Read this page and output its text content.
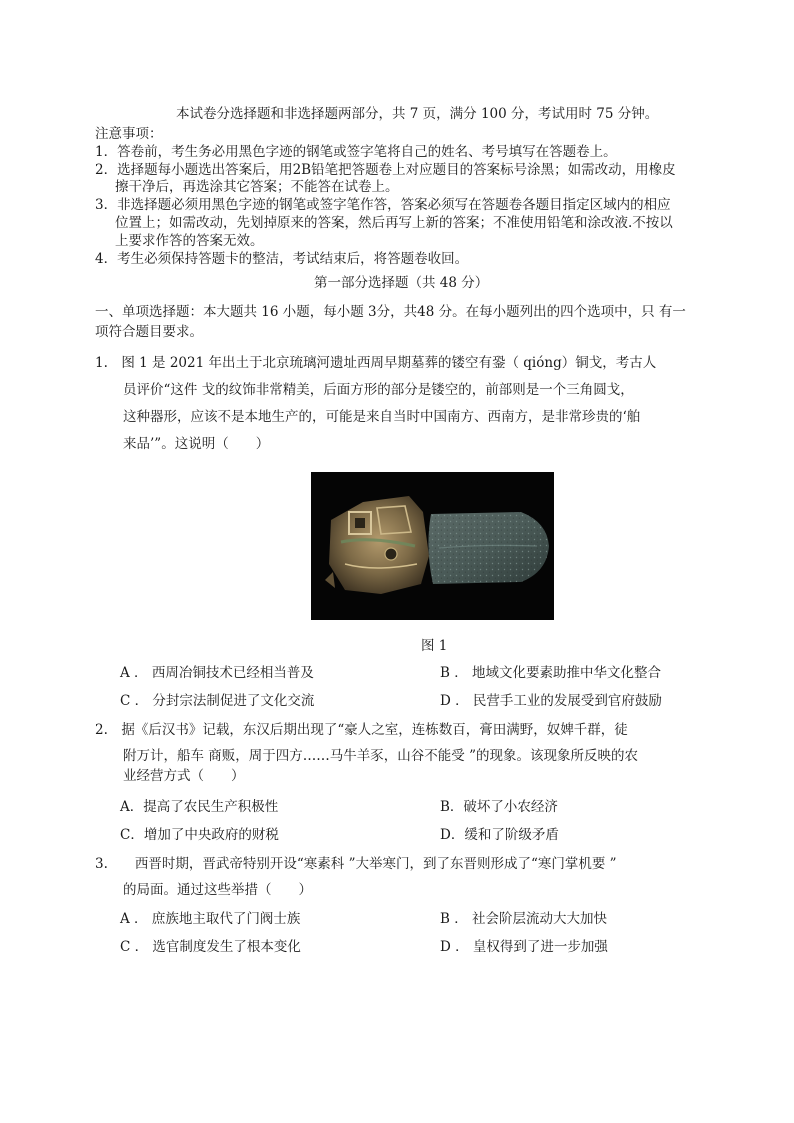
本试卷分选择题和非选择题两部分，共 7 页，满分 100 分，考试用时 75 分钟。
注意事项：
1．答卷前，考生务必用黑色字迹的钢笔或签字笔将自己的姓名、考号填写在答题卷上。
2．选择题每小题选出答案后，用2B铅笔把答题卷上对应题目的答案标号涂黑；如需改动，用橡皮
擦干净后，再选涂其它答案；不能答在试卷上。
3．非选择题必须用黑色字迹的钢笔或签字笔作答，答案必须写在答题卷各题目指定区域内的相应
位置上；如需改动，先划掉原来的答案，然后再写上新的答案；不准使用铅笔和涂改液.不按以
上要求作答的答案无效。
4．考生必须保持答题卡的整洁，考试结束后，将答题卷收回。
第一部分选择题（共 48 分）
一、单项选择题：本大题共 16 小题，每小题 3分，共48 分。在每小题列出的四个选项中，只 有一
项符合题目要求。
1.　图 1 是 2021 年出土于北京琉璃河遗址西周早期墓葬的镂空有銎（ qióng）铜戈，考古人
员评价“这件 戈的纹饰非常精美，后面方形的部分是镂空的，前部则是一个三角圆戈，
这种器形，应该不是本地生产的，可能是来自当时中国南方、西南方，是非常珍贵的‘舶
来品’”。这说明（　　）
图 1
A ． 西周冶铜技术已经相当普及	B ． 地域文化要素助推中华文化整合
C ． 分封宗法制促进了文化交流	D ． 民营手工业的发展受到官府鼓励
2.　据《后汉书》记载，东汉后期出现了“豪人之室，连栋数百，膏田满野，奴婢千群，徒
附万计，船车 商贩，周于四方……马牛羊豕，山谷不能受 ”的现象。该现象所反映的农
业经营方式（　　）
A．提高了农民生产积极性	B．破坏了小农经济
C．增加了中央政府的财税	D．缓和了阶级矛盾
3.　　西晋时期，晋武帝特别开设“寒素科 ”大举寒门，到了东晋则形成了“寒门掌机要 ”
的局面。通过这些举措（　　）
A ． 庶族地主取代了门阀士族	B ． 社会阶层流动大大加快
C ． 选官制度发生了根本变化	D ． 皇权得到了进一步加强
